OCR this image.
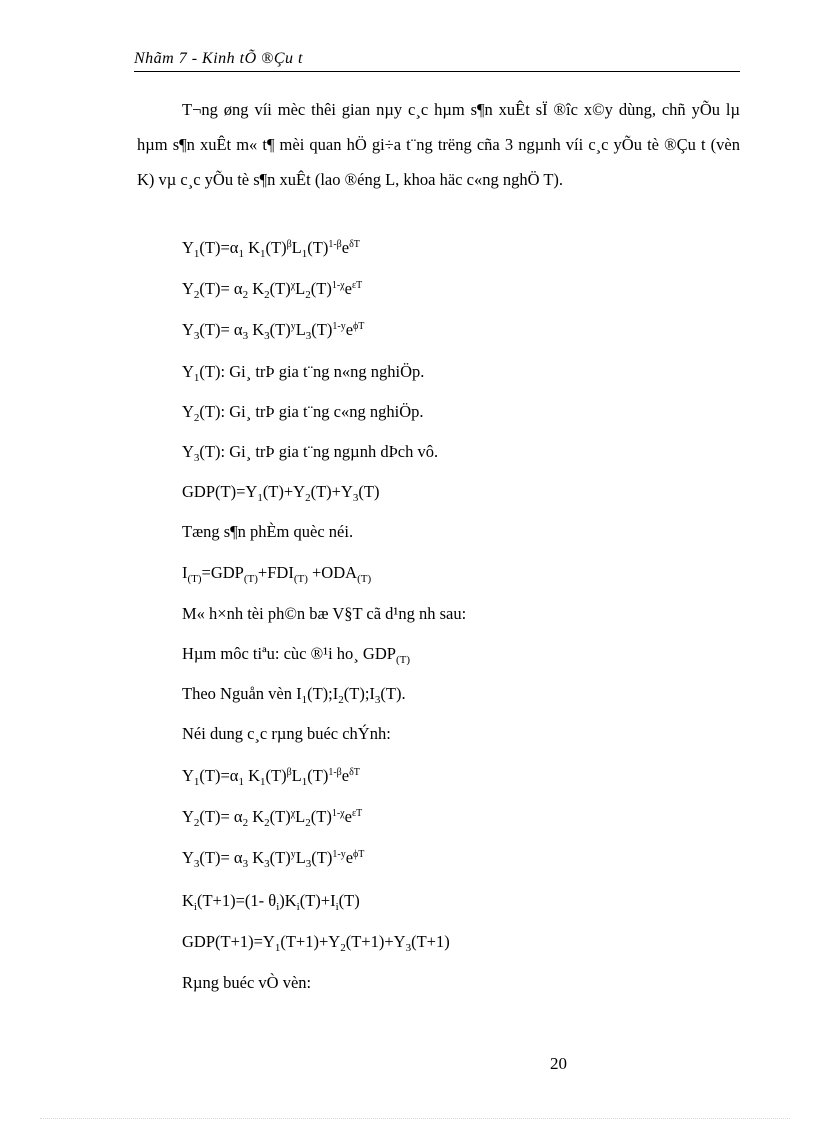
Nhãm 7 - Kinh tÕ ®Çu t

T¬ng øng víi mèc thêi gian nµy c¸c hµm s¶n xuÊt sÏ ®îc x©y dùng, chñ yÕu lµ hµm s¶n xuÊt m« t¶ mèi quan hÖ gi÷a t¨ng trëng cña 3 ngµnh víi c¸c yÕu tè ®Çu t (vèn K) vµ c¸c yÕu tè s¶n xuÊt (lao ®éng L, khoa häc c«ng nghÖ T).

$Y_1(T)=\alpha_1$ $K_1(T)^\beta L_1(T)^{1-\beta}e^{\delta T}$
$Y_2(T)= \alpha_2$ $K_2(T)^\chi L_2(T)^{1-\chi}e^{\varepsilon T}$
$Y_3(T)= \alpha_3$ $K_3(T)^yL_3(T)^{1-y}e^{\phi T}$
$Y_1(T)$: Gi¸ trÞ gia t¨ng n«ng nghiÖp.
$Y_2(T)$: Gi¸ trÞ gia t¨ng c«ng nghiÖp.
$Y_3(T)$: Gi¸ trÞ gia t¨ng ngµnh dÞch vô.
$GDP(T)=Y_1(T)+Y_2(T)+Y_3(T)$
Tæng s¶n phÈm quèc néi.
$I_{(T)}=GDP_{(T)}+FDI_{(T)} +ODA_{(T)}$
M« h×nh tèi ph©n bæ V§T cã d¹ng nh sau:
Hµm môc tiªu: cùc ®¹i ho¸ $GDP_{(T)}$
Theo Nguån vèn $I_1(T);I_2(T);I_3(T)$.
Néi dung c¸c rµng buéc chÝnh:
$Y_1(T)=\alpha_1$ $K_1(T)^\beta L_1(T)^{1-\beta}e^{\delta T}$
$Y_2(T)= \alpha_2$ $K_2(T)^\chi L_2(T)^{1-\chi}e^{\varepsilon T}$
$Y_3(T)= \alpha_3$ $K_3(T)^yL_3(T)^{1-y}e^{\phi T}$
$K_i(T+1)=(1-$ $\theta_i)K_i(T)+I_i(T)$
$GDP(T+1)=Y_1(T+1)+Y_2(T+1)+Y_3(T+1)$
Rµng buéc vÒ vèn:
20
